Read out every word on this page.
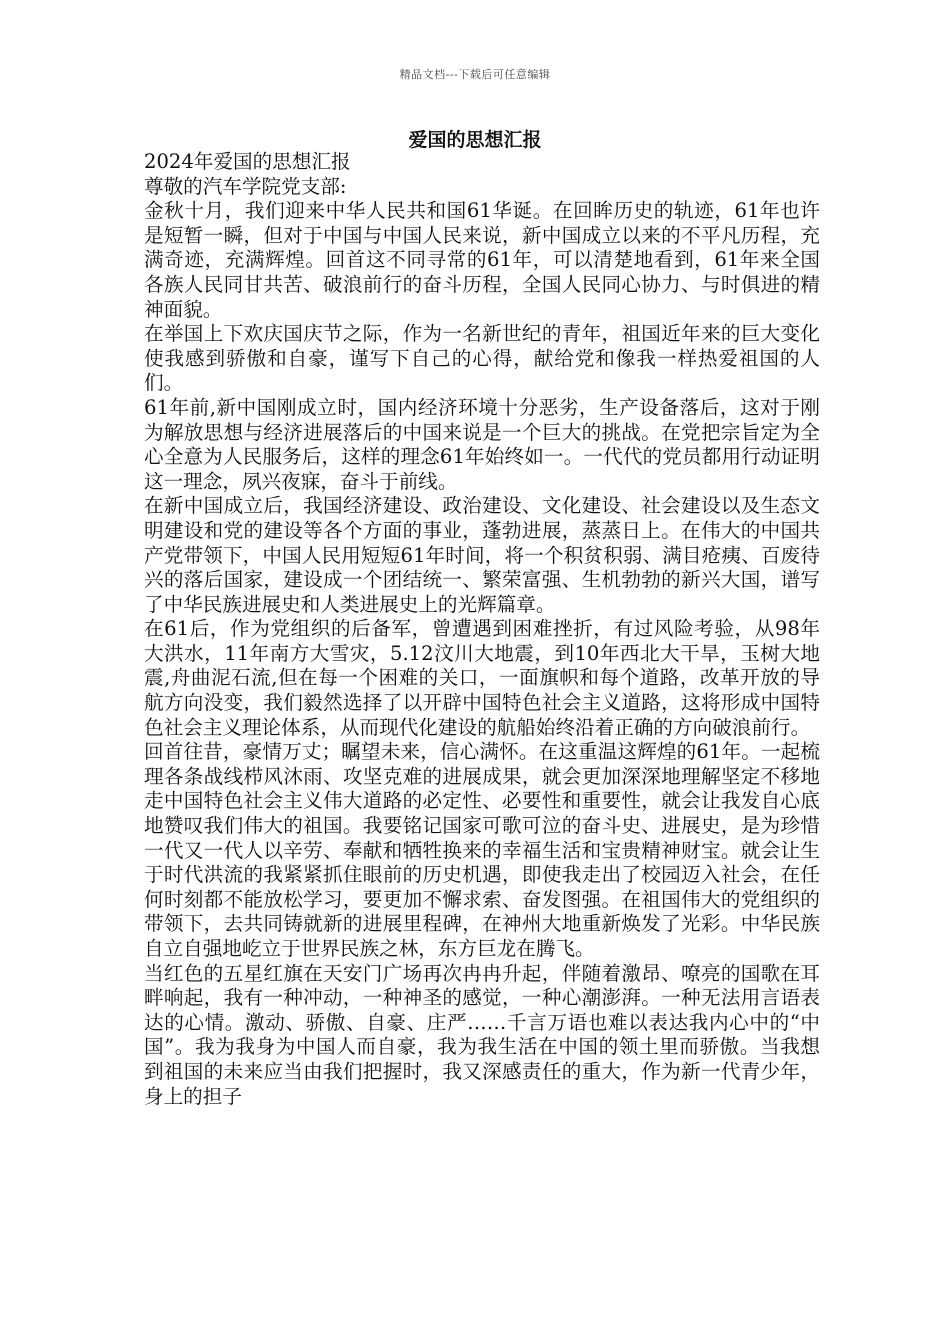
精品文档---下载后可任意编辑
爱国的思想汇报

2024年爱国的思想汇报

尊敬的汽车学院党支部:

金秋十月，我们迎来中华人民共和国61华诞。在回眸历史的轨迹，61年也许是短暂一瞬，但对于中国与中国人民来说，新中国成立以来的不平凡历程，充满奇迹，充满辉煌。回首这不同寻常的61年，可以清楚地看到，61年来全国各族人民同甘共苦、破浪前行的奋斗历程，全国人民同心协力、与时俱进的精神面貌。

在举国上下欢庆国庆节之际，作为一名新世纪的青年，祖国近年来的巨大变化使我感到骄傲和自豪，谨写下自己的心得，献给党和像我一样热爱祖国的人们。

61年前,新中国刚成立时，国内经济环境十分恶劣，生产设备落后，这对于刚为解放思想与经济进展落后的中国来说是一个巨大的挑战。在党把宗旨定为全心全意为人民服务后，这样的理念61年始终如一。一代代的党员都用行动证明这一理念，夙兴夜寐，奋斗于前线。

在新中国成立后，我国经济建设、政治建设、文化建设、社会建设以及生态文明建设和党的建设等各个方面的事业，蓬勃进展，蒸蒸日上。在伟大的中国共产党带领下，中国人民用短短61年时间，将一个积贫积弱、满目疮痍、百废待兴的落后国家，建设成一个团结统一、繁荣富强、生机勃勃的新兴大国，谱写了中华民族进展史和人类进展史上的光辉篇章。

在61后，作为党组织的后备军，曾遭遇到困难挫折，有过风险考验，从98年大洪水，11年南方大雪灾，5.12汶川大地震，到10年西北大干旱，玉树大地震,舟曲泥石流,但在每一个困难的关口，一面旗帜和每个道路，改革开放的导航方向没变，我们毅然选择了以开辟中国特色社会主义道路，这将形成中国特色社会主义理论体系，从而现代化建设的航船始终沿着正确的方向破浪前行。

回首往昔，豪情万丈；瞩望未来，信心满怀。在这重温这辉煌的61年。一起梳理各条战线栉风沐雨、攻坚克难的进展成果，就会更加深深地理解坚定不移地走中国特色社会主义伟大道路的必定性、必要性和重要性，就会让我发自心底地赞叹我们伟大的祖国。我要铭记国家可歌可泣的奋斗史、进展史，是为珍惜一代又一代人以辛劳、奉献和牺牲换来的幸福生活和宝贵精神财宝。就会让生于时代洪流的我紧紧抓住眼前的历史机遇，即使我走出了校园迈入社会，在任何时刻都不能放松学习，要更加不懈求索、奋发图强。在祖国伟大的党组织的带领下，去共同铸就新的进展里程碑，在神州大地重新焕发了光彩。中华民族自立自强地屹立于世界民族之林，东方巨龙在腾飞。

当红色的五星红旗在天安门广场再次冉冉升起，伴随着激昂、嘹亮的国歌在耳畔响起，我有一种冲动，一种神圣的感觉，一种心潮澎湃。一种无法用言语表达的心情。激动、骄傲、自豪、庄严……千言万语也难以表达我内心中的“中国”。我为我身为中国人而自豪，我为我生活在中国的领土里而骄傲。当我想到祖国的未来应当由我们把握时，我又深感责任的重大，作为新一代青少年，身上的担子
